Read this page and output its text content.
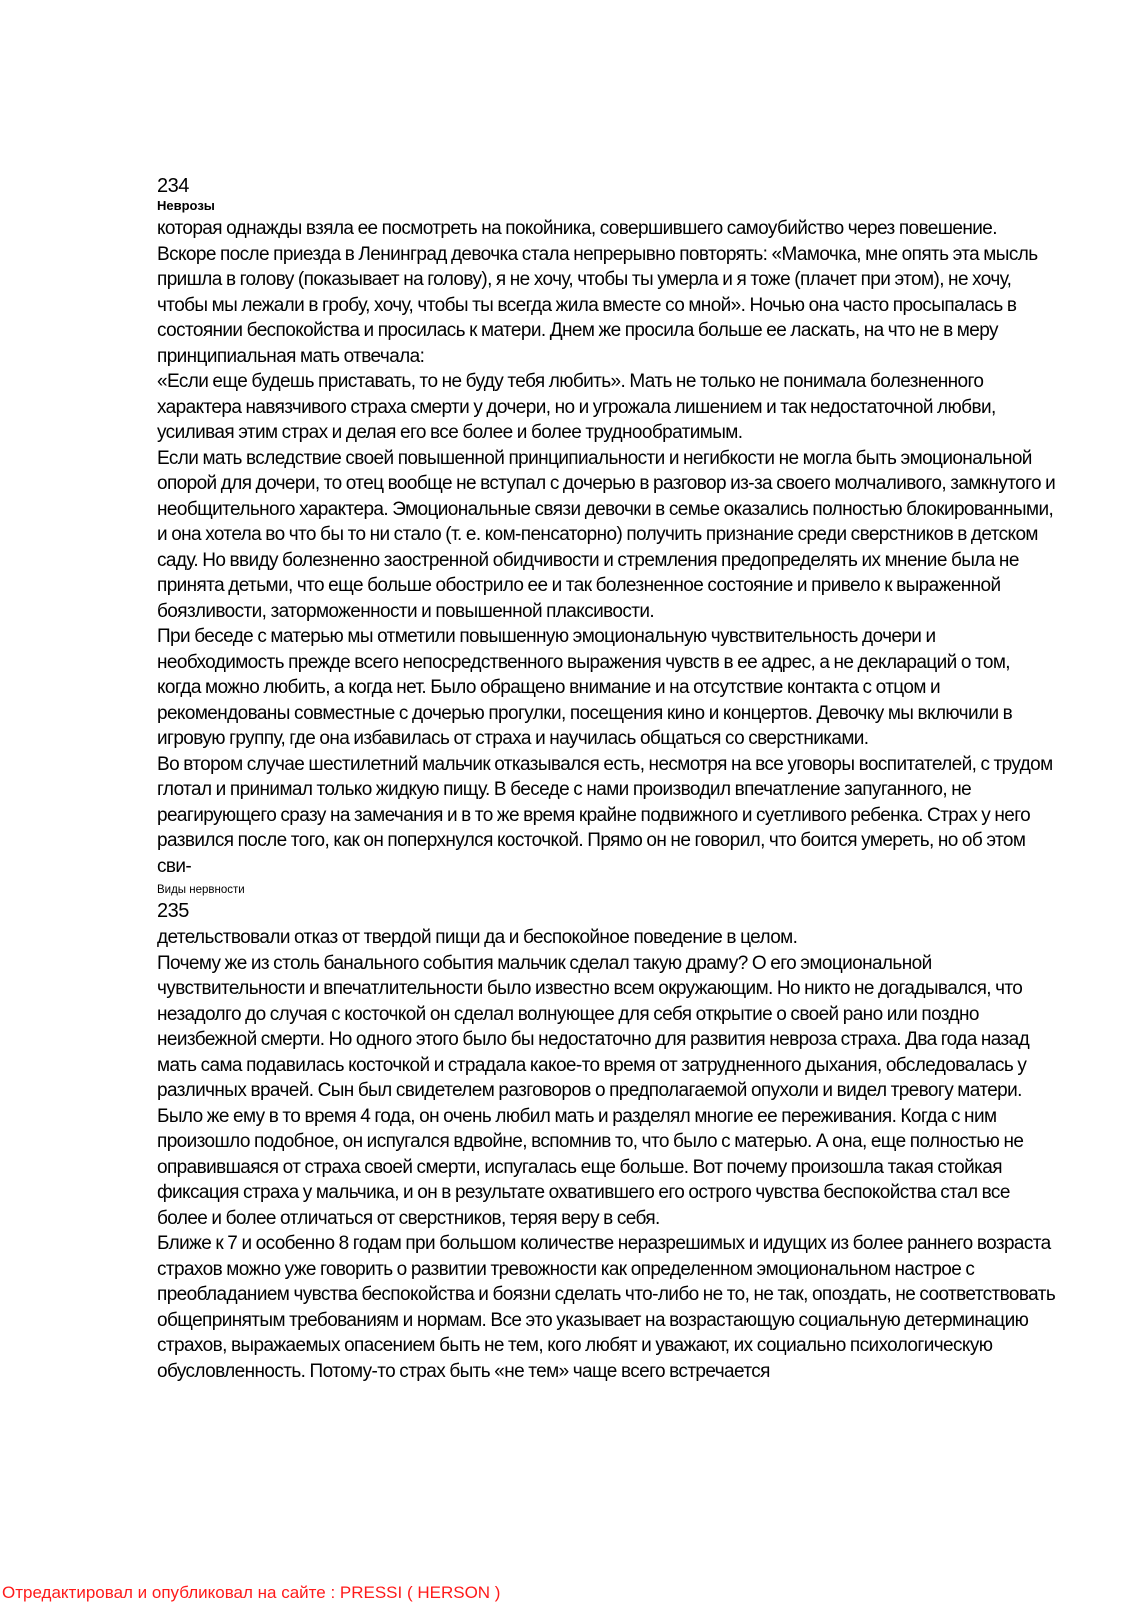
234
Неврозы

которая однажды взяла ее посмотреть на покойника, совершившего самоубийство через повешение. Вскоре после приезда в Ленинград девочка стала непрерывно повторять: «Мамочка, мне опять эта мысль пришла в голову (показывает на голову), я не хочу, чтобы ты умерла и я тоже (плачет при этом), не хочу, чтобы мы лежали в гробу, хочу, чтобы ты всегда жила вместе со мной». Ночью она часто просыпалась в состоянии беспокойства и просилась к матери. Днем же просила больше ее ласкать, на что не в меру принципиальная мать отвечала:

«Если еще будешь приставать, то не буду тебя любить». Мать не только не понимала болезненного характера навязчивого страха смерти у дочери, но и угрожала лишением и так недостаточной любви, усиливая этим страх и делая его все более и более труднообратимым.

Если мать вследствие своей повышенной принципиальности и негибкости не могла быть эмоциональной опорой для дочери, то отец вообще не вступал с дочерью в разговор из-за своего молчаливого, замкнутого и необщительного характера. Эмоциональные связи девочки в семье оказались полностью блокированными, и она хотела во что бы то ни стало (т. е. ком-пенсаторно) получить признание среди сверстников в детском саду. Но ввиду болезненно заостренной обидчивости и стремления предопределять их мнение была не принята детьми, что еще больше обострило ее и так болезненное состояние и привело к выраженной боязливости, заторможенности и повышенной плаксивости.

При беседе с матерью мы отметили повышенную эмоциональную чувствительность дочери и необходимость прежде всего непосредственного выражения чувств в ее адрес, а не деклараций о том, когда можно любить, а когда нет. Было обращено внимание и на отсутствие контакта с отцом и рекомендованы совместные с дочерью прогулки, посещения кино и концертов. Девочку мы включили в игровую группу, где она избавилась от страха и научилась общаться со сверстниками.

Во втором случае шестилетний мальчик отказывался есть, несмотря на все уговоры воспитателей, с трудом глотал и принимал только жидкую пищу. В беседе с нами производил впечатление запуганного, не реагирующего сразу на замечания и в то же время крайне подвижного и суетливого ребенка. Страх у него развился после того, как он поперхнулся косточкой. Прямо он не говорил, что боится умереть, но об этом сви-

Виды нервности
235

детельствовали отказ от твердой пищи да и беспокойное поведение в целом.

Почему же из столь банального события мальчик сделал такую драму? О его эмоциональной чувствительности и впечатлительности было известно всем окружающим. Но никто не догадывался, что незадолго до случая с косточкой он сделал волнующее для себя открытие о своей рано или поздно неизбежной смерти. Но одного этого было бы недостаточно для развития невроза страха. Два года назад мать сама подавилась косточкой и страдала какое-то время от затрудненного дыхания, обследовалась у различных врачей. Сын был свидетелем разговоров о предполагаемой опухоли и видел тревогу матери. Было же ему в то время 4 года, он очень любил мать и разделял многие ее переживания. Когда с ним произошло подобное, он испугался вдвойне, вспомнив то, что было с матерью. А она, еще полностью не оправившаяся от страха своей смерти, испугалась еще больше. Вот почему произошла такая стойкая фиксация страха у мальчика, и он в результате охватившего его острого чувства беспокойства стал все более и более отличаться от сверстников, теряя веру в себя.

Ближе к 7 и особенно 8 годам при большом количестве неразрешимых и идущих из более раннего возраста страхов можно уже говорить о развитии тревожности как определенном эмоциональном настрое с преобладанием чувства беспокойства и боязни сделать что-либо не то, не так, опоздать, не соответствовать общепринятым требованиям и нормам. Все это указывает на возрастающую социальную детерминацию страхов, выражаемых опасением быть не тем, кого любят и уважают, их социально психологическую обусловленность. Потому-то страх быть «не тем» чаще всего встречается

Отредактировал и опубликовал на сайте : PRESSI ( HERSON )
